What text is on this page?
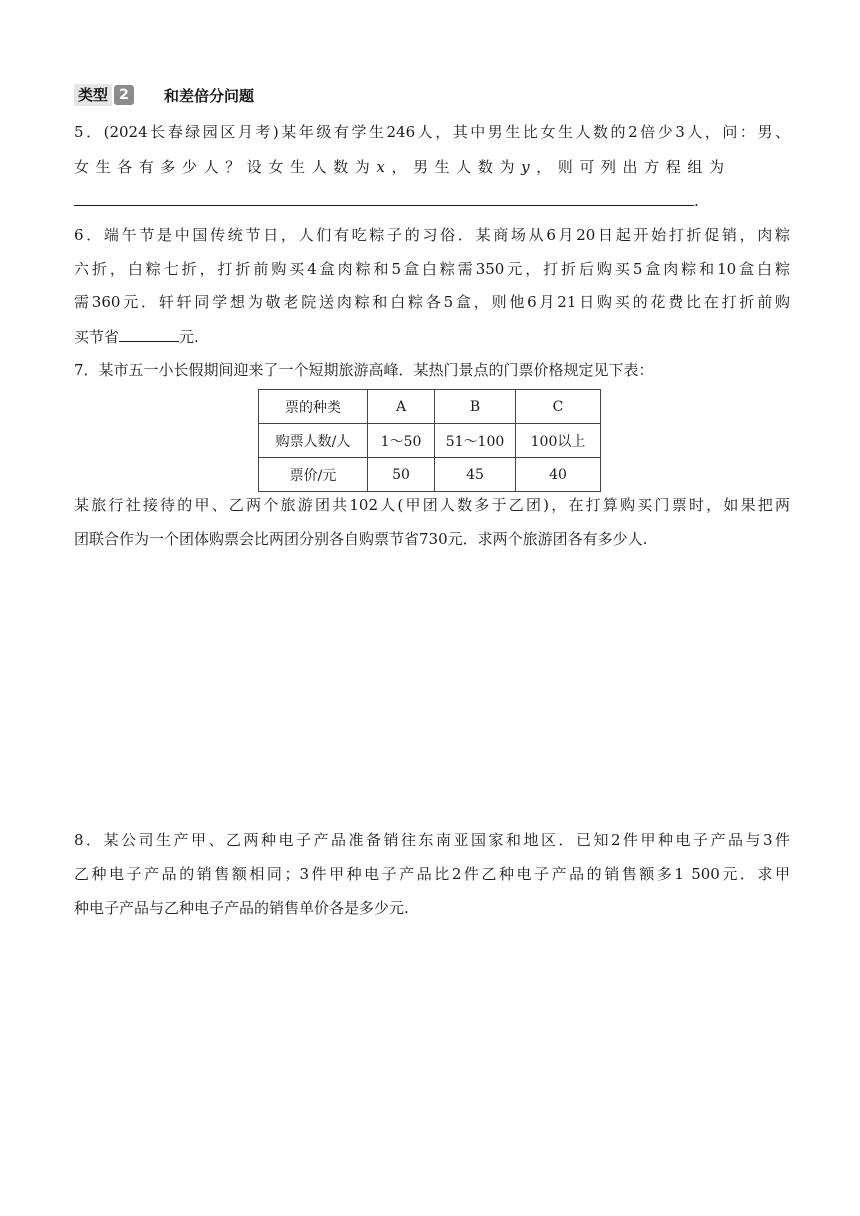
类型 2	和差倍分问题
5．(2024长春绿园区月考)某年级有学生246人，其中男生比女生人数的2倍少3人，问：男、
女生各有多少人？设女生人数为x，男生人数为y，则可列出方程组为
.
6．端午节是中国传统节日，人们有吃粽子的习俗．某商场从6月20日起开始打折促销，肉粽
六折，白粽七折，打折前购买4盒肉粽和5盒白粽需350元，打折后购买5盒肉粽和10盒白粽
需360元．轩轩同学想为敬老院送肉粽和白粽各5盒，则他6月21日购买的花费比在打折前购
买节省	元.
7．某市五一小长假期间迎来了一个短期旅游高峰．某热门景点的门票价格规定见下表：
票的种类	A	B	C
购票人数/人	1～50	51～100	100以上
票价/元	50	45	40
某旅行社接待的甲、乙两个旅游团共102人(甲团人数多于乙团)，在打算购买门票时，如果把两
团联合作为一个团体购票会比两团分别各自购票节省730元．求两个旅游团各有多少人.
8．某公司生产甲、乙两种电子产品准备销往东南亚国家和地区．已知2件甲种电子产品与3件
乙种电子产品的销售额相同；3件甲种电子产品比2件乙种电子产品的销售额多1 500元．求甲
种电子产品与乙种电子产品的销售单价各是多少元.
